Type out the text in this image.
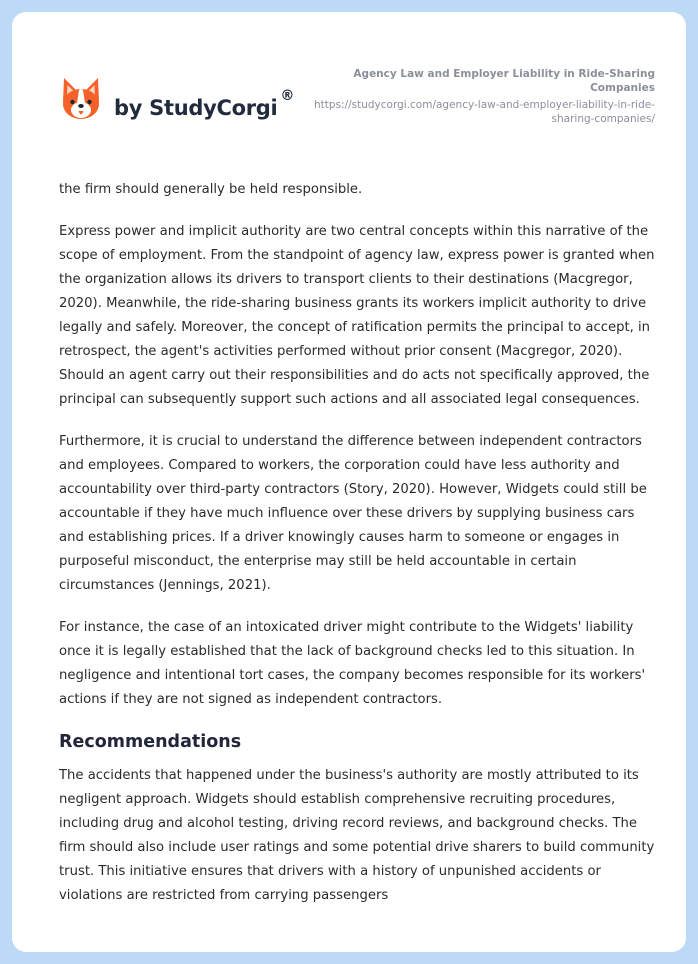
by StudyCorgi ®
Agency Law and Employer Liability in Ride-Sharing Companies
https://studycorgi.com/agency-law-and-employer-liability-in-ride-sharing-companies/

the firm should generally be held responsible.

Express power and implicit authority are two central concepts within this narrative of the scope of employment. From the standpoint of agency law, express power is granted when the organization allows its drivers to transport clients to their destinations (Macgregor, 2020). Meanwhile, the ride-sharing business grants its workers implicit authority to drive legally and safely. Moreover, the concept of ratification permits the principal to accept, in retrospect, the agent's activities performed without prior consent (Macgregor, 2020). Should an agent carry out their responsibilities and do acts not specifically approved, the principal can subsequently support such actions and all associated legal consequences.

Furthermore, it is crucial to understand the difference between independent contractors and employees. Compared to workers, the corporation could have less authority and accountability over third-party contractors (Story, 2020). However, Widgets could still be accountable if they have much influence over these drivers by supplying business cars and establishing prices. If a driver knowingly causes harm to someone or engages in purposeful misconduct, the enterprise may still be held accountable in certain circumstances (Jennings, 2021).

For instance, the case of an intoxicated driver might contribute to the Widgets' liability once it is legally established that the lack of background checks led to this situation. In negligence and intentional tort cases, the company becomes responsible for its workers' actions if they are not signed as independent contractors.

Recommendations

The accidents that happened under the business's authority are mostly attributed to its negligent approach. Widgets should establish comprehensive recruiting procedures, including drug and alcohol testing, driving record reviews, and background checks. The firm should also include user ratings and some potential drive sharers to build community trust. This initiative ensures that drivers with a history of unpunished accidents or violations are restricted from carrying passengers
